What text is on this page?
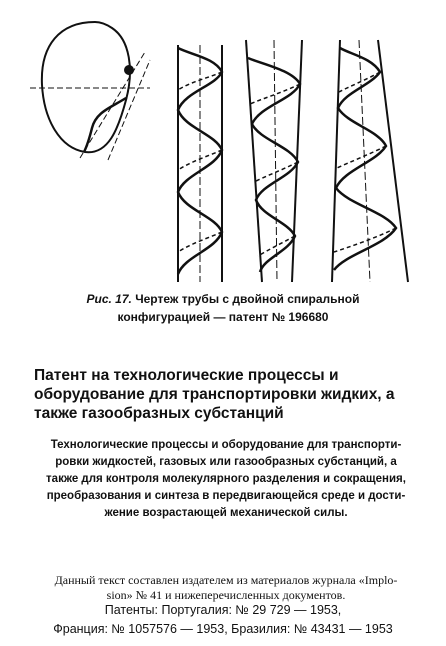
Рис. 17. Чертеж трубы с двойной спиральной
конфигурацией — патент № 196680
Патент на технологические процессы и
оборудование для транспортировки жидких, а
также газообразных субстанций
Технологические процессы и оборудование для транспорти-
ровки жидкостей, газовых или газообразных субстанций, а
также для контроля молекулярного разделения и сокращения,
преобразования и синтеза в передвигающейся среде и дости-
жение возрастающей механической силы.
Данный текст составлен издателем из материалов журнала «Implo-
sion» № 41 и нижеперечисленных документов.
Патенты: Португалия: № 29 729 — 1953,
Франция: № 1057576 — 1953, Бразилия: № 43431 — 1953
